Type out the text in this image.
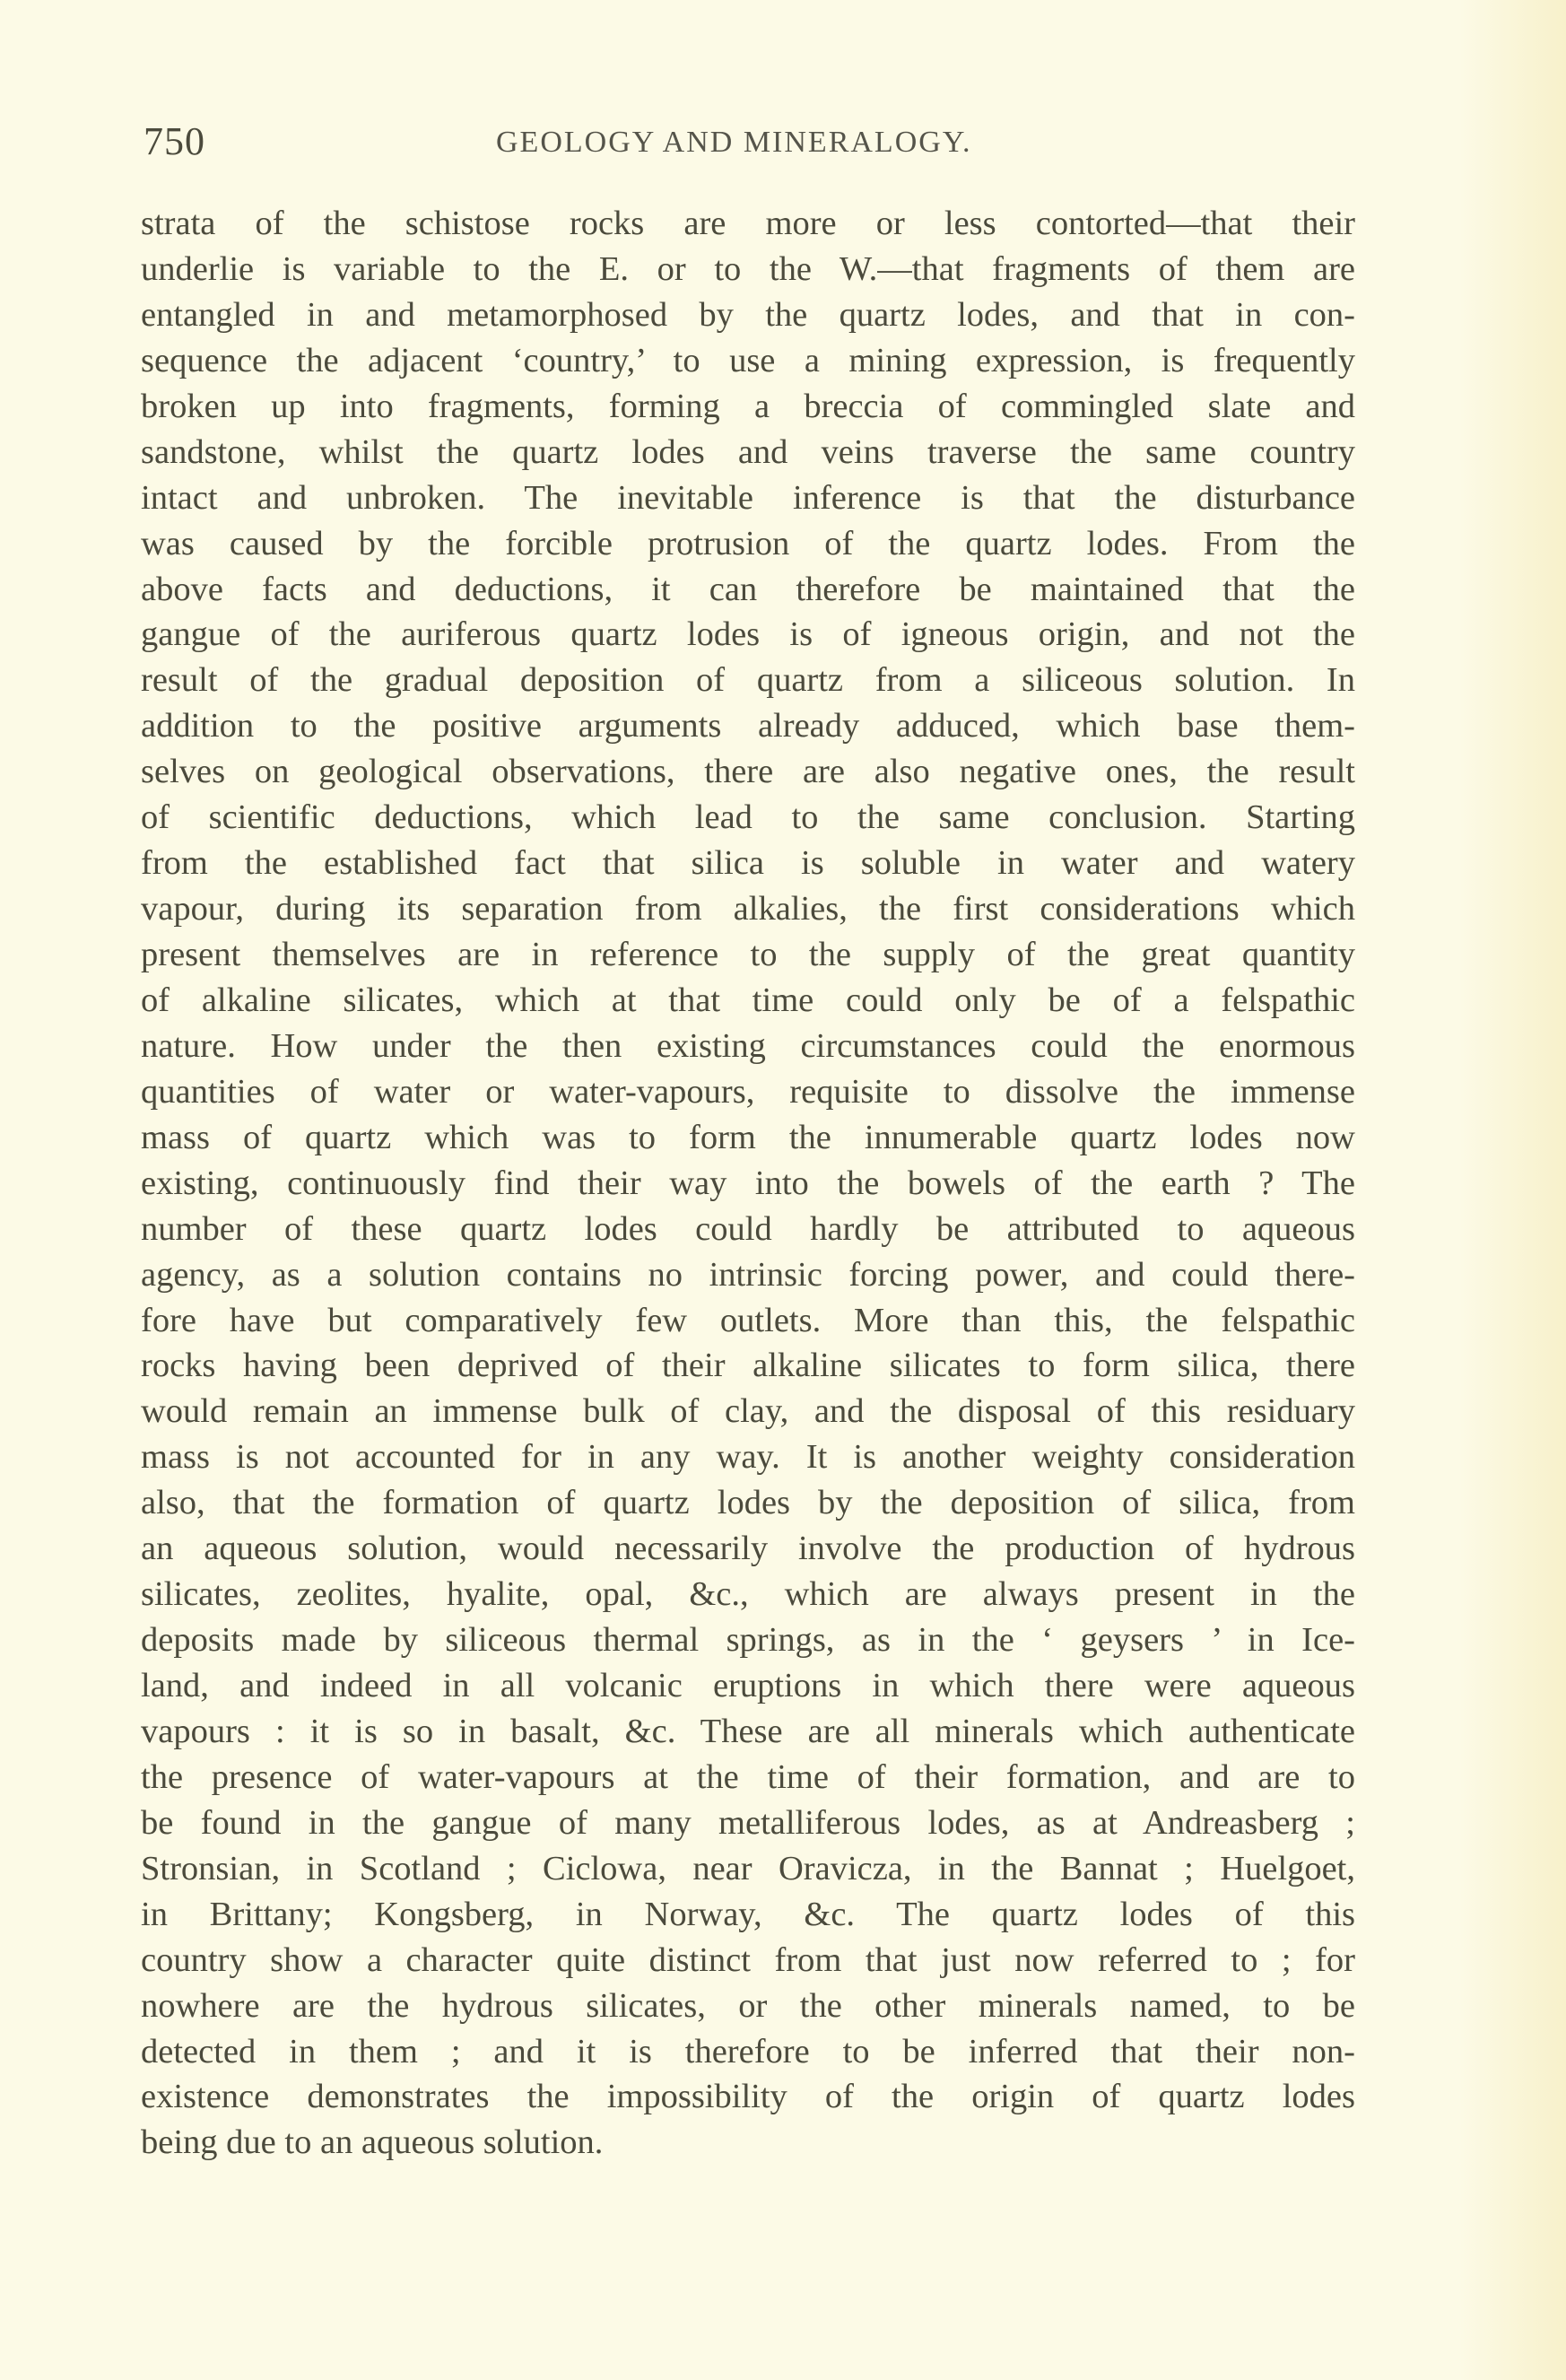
750	GEOLOGY AND MINERALOGY.
strata of the schistose rocks are more or less contorted—that their
underlie is variable to the E. or to the W.—that fragments of them are
entangled in and metamorphosed by the quartz lodes, and that in con-
sequence the adjacent ‘country,’ to use a mining expression, is frequently
broken up into fragments, forming a breccia of commingled slate and
sandstone, whilst the quartz lodes and veins traverse the same country
intact and unbroken. The inevitable inference is that the disturbance
was caused by the forcible protrusion of the quartz lodes. From the
above facts and deductions, it can therefore be maintained that the
gangue of the auriferous quartz lodes is of igneous origin, and not the
result of the gradual deposition of quartz from a siliceous solution. In
addition to the positive arguments already adduced, which base them-
selves on geological observations, there are also negative ones, the result
of scientific deductions, which lead to the same conclusion. Starting
from the established fact that silica is soluble in water and watery
vapour, during its separation from alkalies, the first considerations which
present themselves are in reference to the supply of the great quantity
of alkaline silicates, which at that time could only be of a felspathic
nature. How under the then existing circumstances could the enormous
quantities of water or water-vapours, requisite to dissolve the immense
mass of quartz which was to form the innumerable quartz lodes now
existing, continuously find their way into the bowels of the earth ? The
number of these quartz lodes could hardly be attributed to aqueous
agency, as a solution contains no intrinsic forcing power, and could there-
fore have but comparatively few outlets. More than this, the felspathic
rocks having been deprived of their alkaline silicates to form silica, there
would remain an immense bulk of clay, and the disposal of this residuary
mass is not accounted for in any way. It is another weighty consideration
also, that the formation of quartz lodes by the deposition of silica, from
an aqueous solution, would necessarily involve the production of hydrous
silicates, zeolites, hyalite, opal, &c., which are always present in the
deposits made by siliceous thermal springs, as in the ‘ geysers ’ in Ice-
land, and indeed in all volcanic eruptions in which there were aqueous
vapours : it is so in basalt, &c. These are all minerals which authenticate
the presence of water-vapours at the time of their formation, and are to
be found in the gangue of many metalliferous lodes, as at Andreasberg ;
Stronsian, in Scotland ; Ciclowa, near Oravicza, in the Bannat ; Huelgoet,
in Brittany; Kongsberg, in Norway, &c. The quartz lodes of this
country show a character quite distinct from that just now referred to ; for
nowhere are the hydrous silicates, or the other minerals named, to be
detected in them ; and it is therefore to be inferred that their non-
existence demonstrates the impossibility of the origin of quartz lodes
being due to an aqueous solution.
